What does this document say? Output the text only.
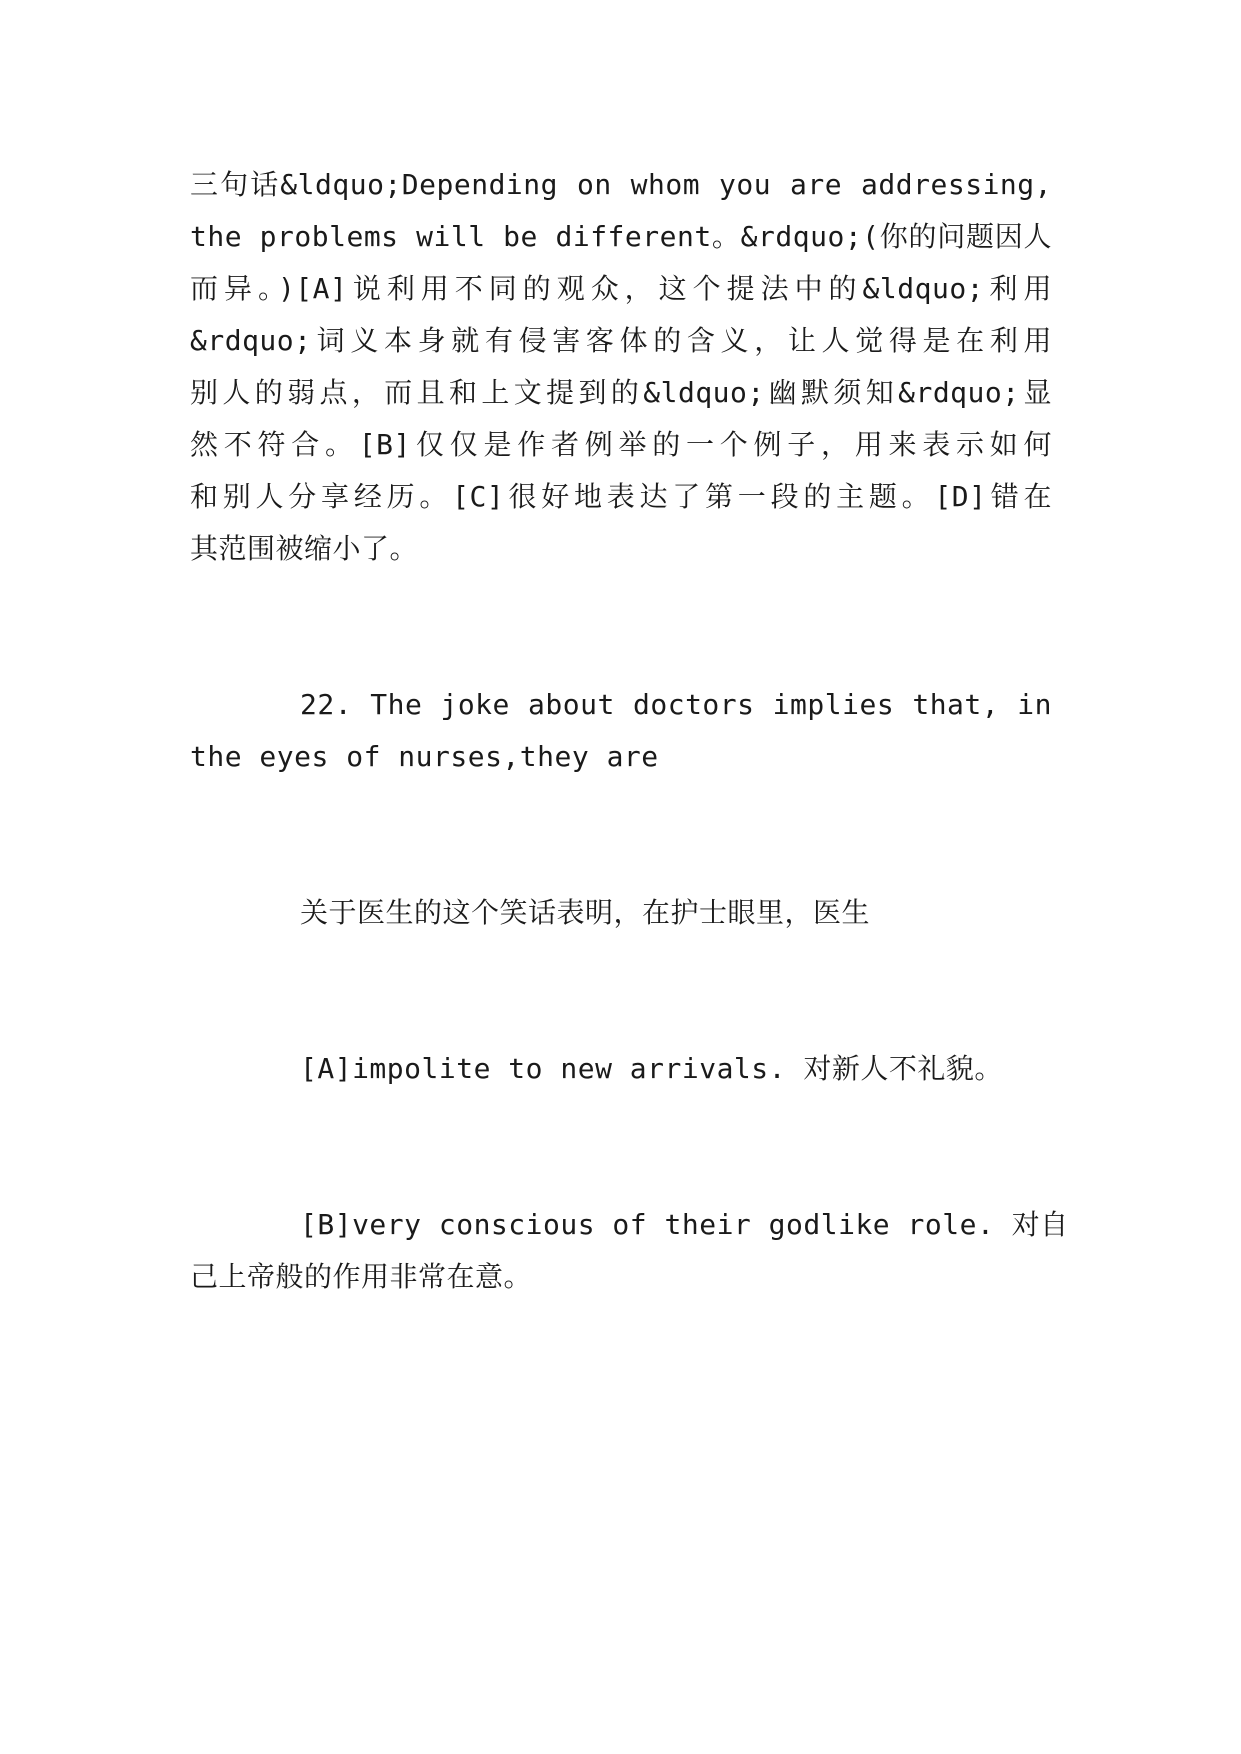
三句话&ldquo;Depending on whom you are addressing,
the problems will be different。&rdquo;(你的问题因人
而异。)[A]说利用不同的观众，这个提法中的&ldquo;利用
&rdquo;词义本身就有侵害客体的含义，让人觉得是在利用
别人的弱点，而且和上文提到的&ldquo;幽默须知&rdquo;显
然不符合。[B]仅仅是作者例举的一个例子，用来表示如何
和别人分享经历。[C]很好地表达了第一段的主题。[D]错在
其范围被缩小了。
22. The joke about doctors implies that, in
the eyes of nurses,they are
关于医生的这个笑话表明，在护士眼里，医生
[A]impolite to new arrivals. 对新人不礼貌。
[B]very conscious of their godlike role. 对自
己上帝般的作用非常在意。
